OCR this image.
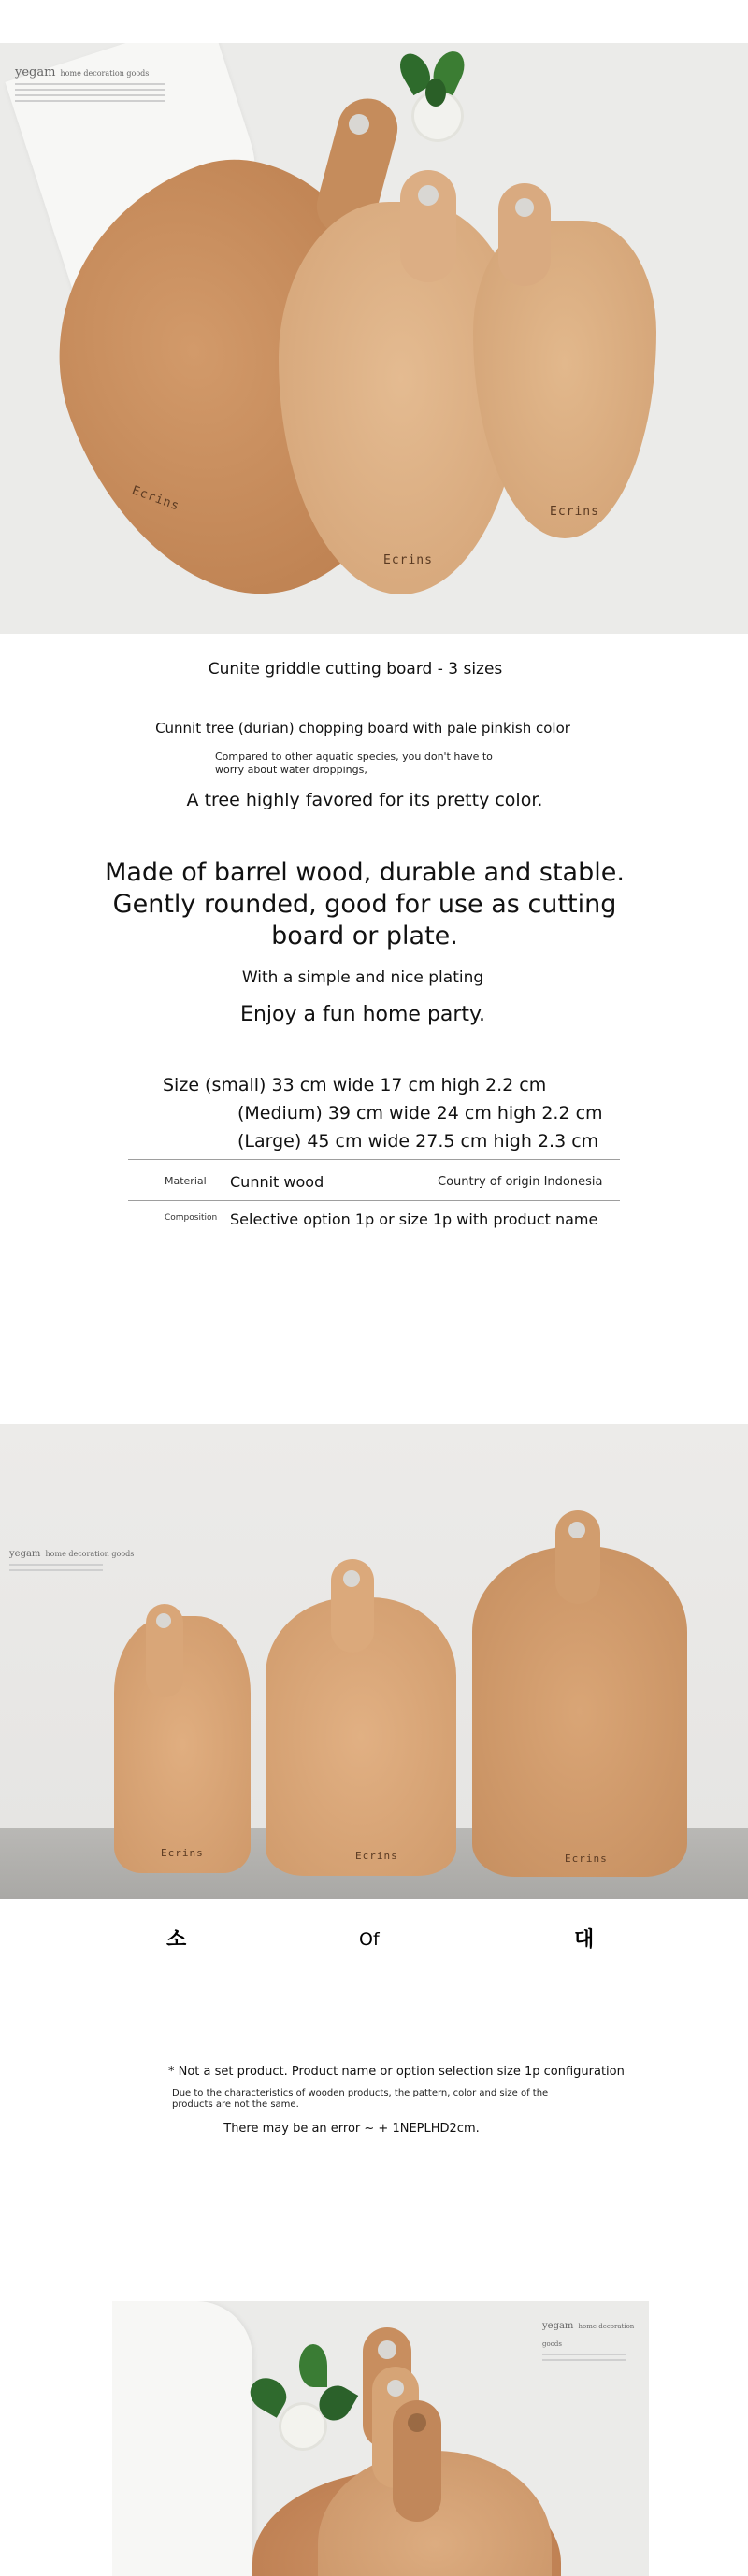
yegam home decoration goods
Ecrins
Ecrins
Ecrins
Cunite griddle cutting board - 3 sizes
Cunnit tree (durian) chopping board with pale pinkish color
Compared to other aquatic species, you don't have to worry about water droppings,
A tree highly favored for its pretty color.
Made of barrel wood, durable and stable. Gently rounded, good for use as cutting board or plate.
With a simple and nice plating
Enjoy a fun home party.
Size (small) 33 cm wide 17 cm high 2.2 cm
(Medium) 39 cm wide 24 cm high 2.2 cm
(Large) 45 cm wide 27.5 cm high 2.3 cm
Material Cunnit wood	Country of origin Indonesia
Composition Selective option 1p or size 1p with product name
yegam home decoration goods
Ecrins	Ecrins	Ecrins
소	Of	대
* Not a set product. Product name or option selection size 1p configuration
Due to the characteristics of wooden products, the pattern, color and size of the products are not the same.
There may be an error ~ + 1NEPLHD2cm.
yegam home decoration goods
